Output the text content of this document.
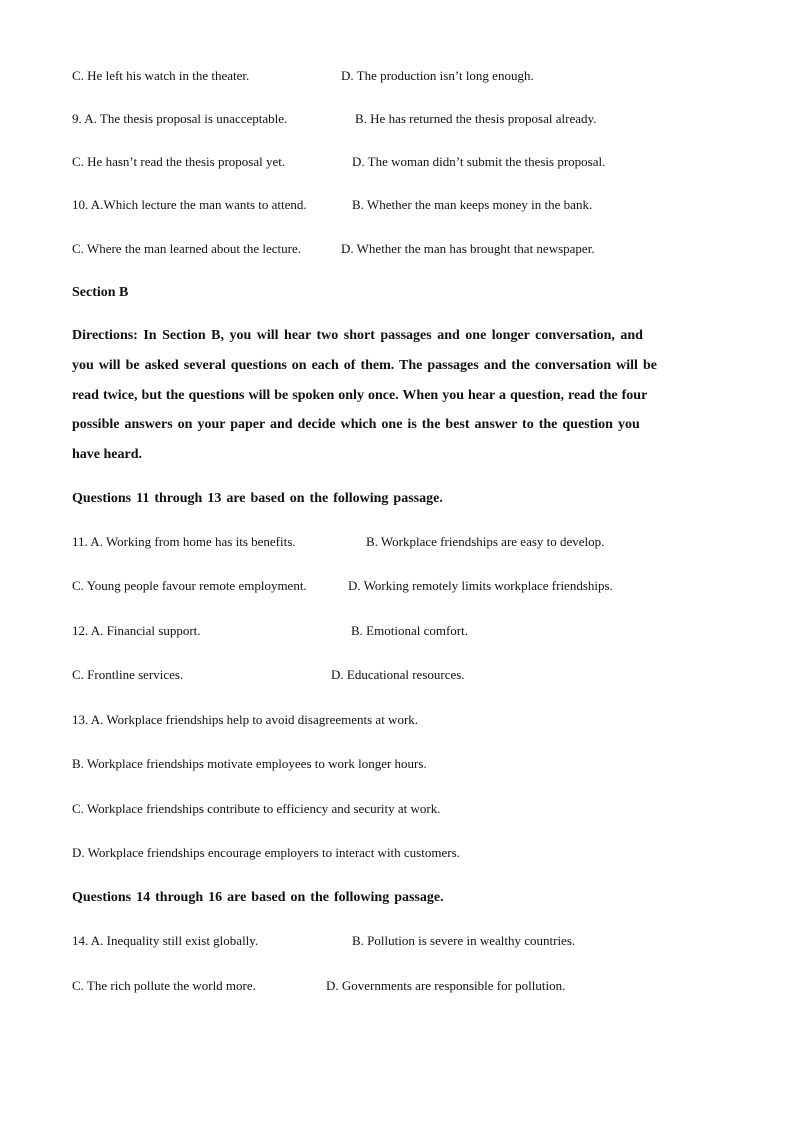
C. He left his watch in the theater.	D. The production isn’t long enough.
9. A. The thesis proposal is unacceptable.	B. He has returned the thesis proposal already.
C. He hasn’t read the thesis proposal yet.	D. The woman didn’t submit the thesis proposal.
10. A.Which lecture the man wants to attend.	B. Whether the man keeps money in the bank.
C. Where the man learned about the lecture.	D. Whether the man has brought that newspaper.
Section B
Directions: In Section B, you will hear two short passages and one longer conversation, and
you will be asked several questions on each of them. The passages and the conversation will be
read twice, but the questions will be spoken only once. When you hear a question, read the four
possible answers on your paper and decide which one is the best answer to the question you
have heard.
Questions 11 through 13 are based on the following passage.
11. A. Working from home has its benefits.	B. Workplace friendships are easy to develop.
C. Young people favour remote employment.	D. Working remotely limits workplace friendships.
12. A. Financial support.	B. Emotional comfort.
C. Frontline services.	D. Educational resources.
13. A. Workplace friendships help to avoid disagreements at work.
B. Workplace friendships motivate employees to work longer hours.
C. Workplace friendships contribute to efficiency and security at work.
D. Workplace friendships encourage employers to interact with customers.
Questions 14 through 16 are based on the following passage.
14. A. Inequality still exist globally.	B. Pollution is severe in wealthy countries.
C. The rich pollute the world more.	D. Governments are responsible for pollution.
